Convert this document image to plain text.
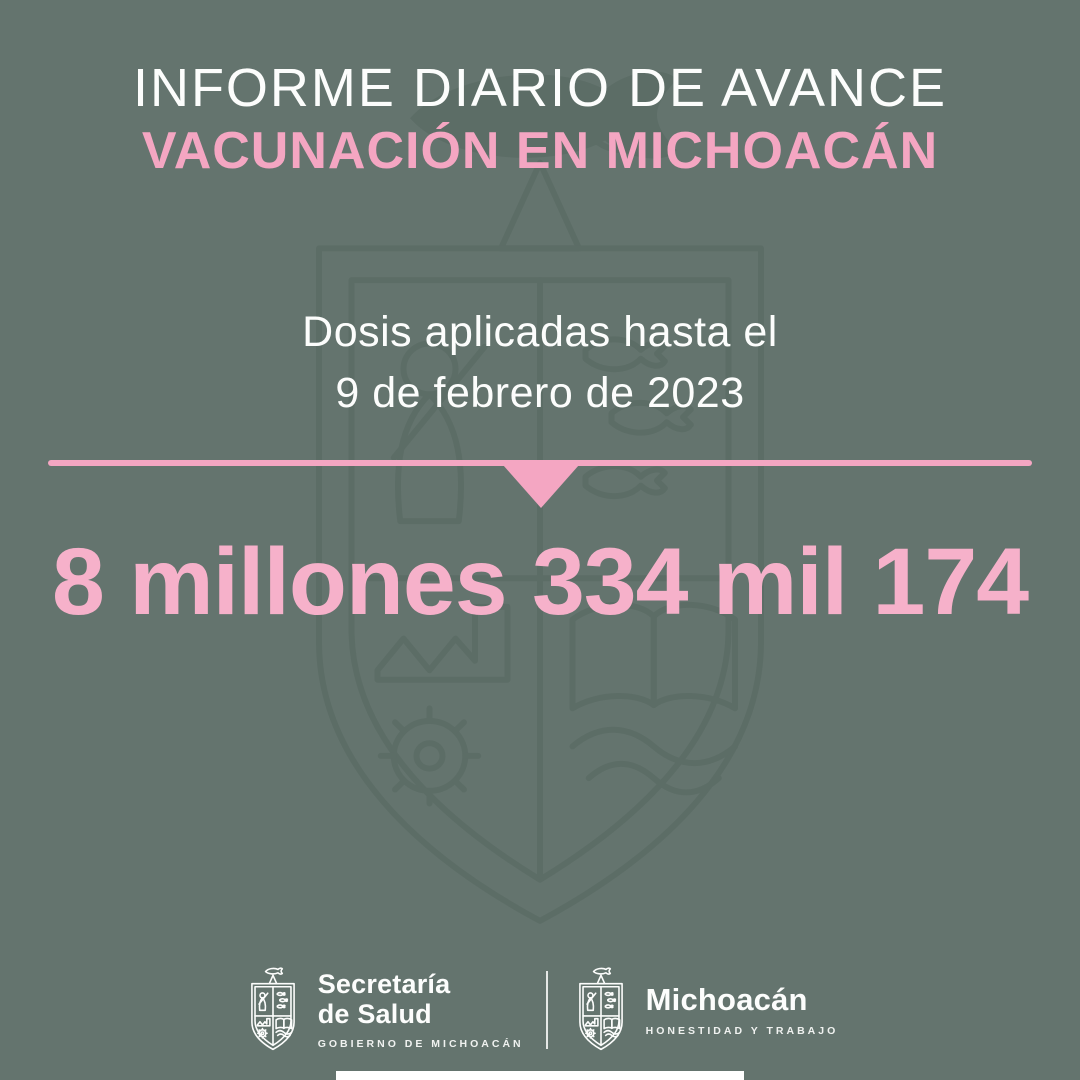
INFORME DIARIO DE AVANCE
VACUNACIÓN EN MICHOACÁN
Dosis aplicadas hasta el
9 de febrero de 2023
8 millones 334 mil 174
Secretaría
de Salud
GOBIERNO DE MICHOACÁN
Michoacán
HONESTIDAD Y TRABAJO
